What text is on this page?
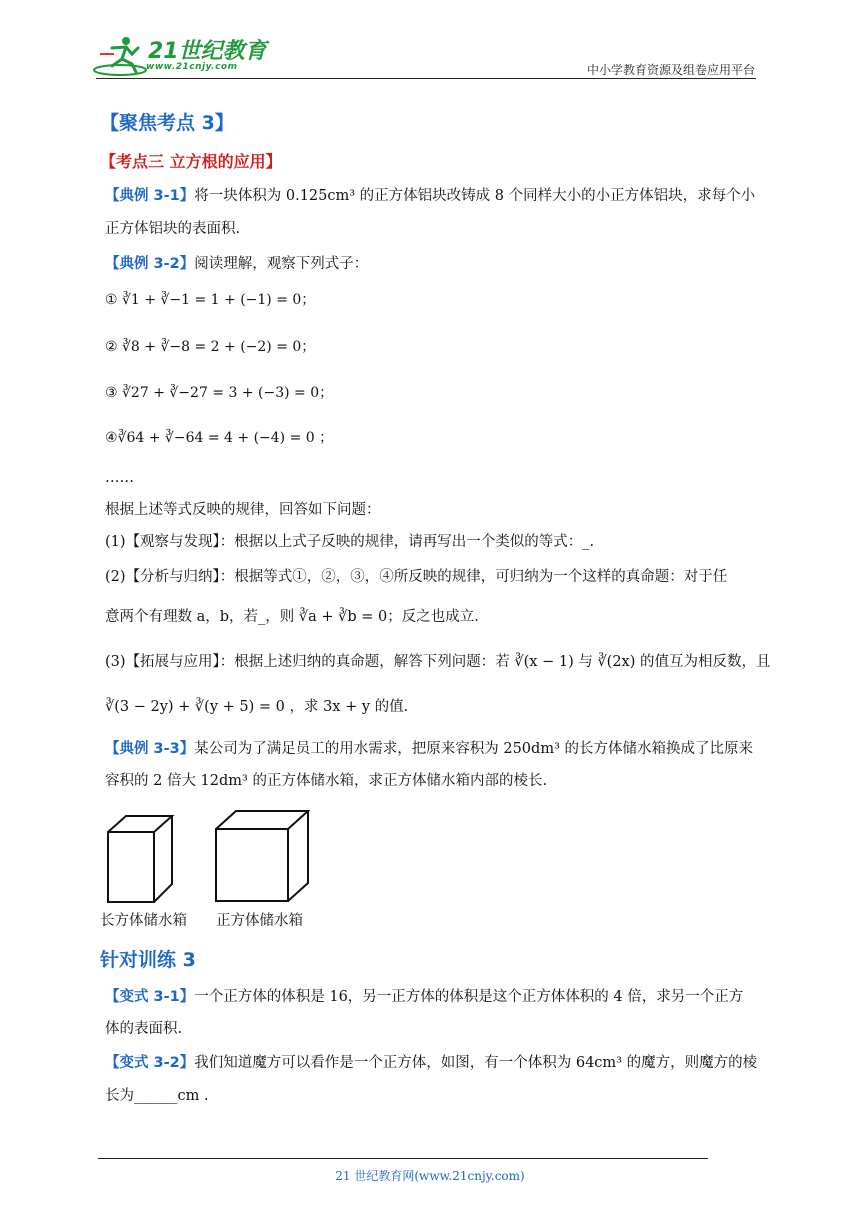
21世纪教育
www.21cnjy.com	中小学教育资源及组卷应用平台
【聚焦考点 3】
【考点三 立方根的应用】
【典例 3-1】将一块体积为 0.125cm³ 的正方体铝块改铸成 8 个同样大小的小正方体铝块，求每个小
正方体铝块的表面积.
【典例 3-2】阅读理解，观察下列式子：
① ∛1 + ∛−1 = 1 + (−1) = 0；
② ∛8 + ∛−8 = 2 + (−2) = 0；
③ ∛27 + ∛−27 = 3 + (−3) = 0；
④∛64 + ∛−64 = 4 + (−4) = 0 ；
……
根据上述等式反映的规律，回答如下问题：
(1)【观察与发现】：根据以上式子反映的规律，请再写出一个类似的等式：_.
(2)【分析与归纳】：根据等式①，②，③，④所反映的规律，可归纳为一个这样的真命题：对于任
意两个有理数 a，b，若_，则 ∛a + ∛b = 0；反之也成立.
(3)【拓展与应用】：根据上述归纳的真命题，解答下列问题：若 ∛(x − 1) 与 ∛(2x) 的值互为相反数，且
∛(3 − 2y) + ∛(y + 5) = 0 ，求 3x + y 的值.
【典例 3-3】某公司为了满足员工的用水需求，把原来容积为 250dm³ 的长方体储水箱换成了比原来
容积的 2 倍大 12dm³ 的正方体储水箱，求正方体储水箱内部的棱长.
长方体储水箱 正方体储水箱
针对训练 3
【变式 3-1】一个正方体的体积是 16，另一正方体的体积是这个正方体体积的 4 倍，求另一个正方
体的表面积.
【变式 3-2】我们知道魔方可以看作是一个正方体，如图，有一个体积为 64cm³ 的魔方，则魔方的棱
长为______cm .
21 世纪教育网(www.21cnjy.com)
